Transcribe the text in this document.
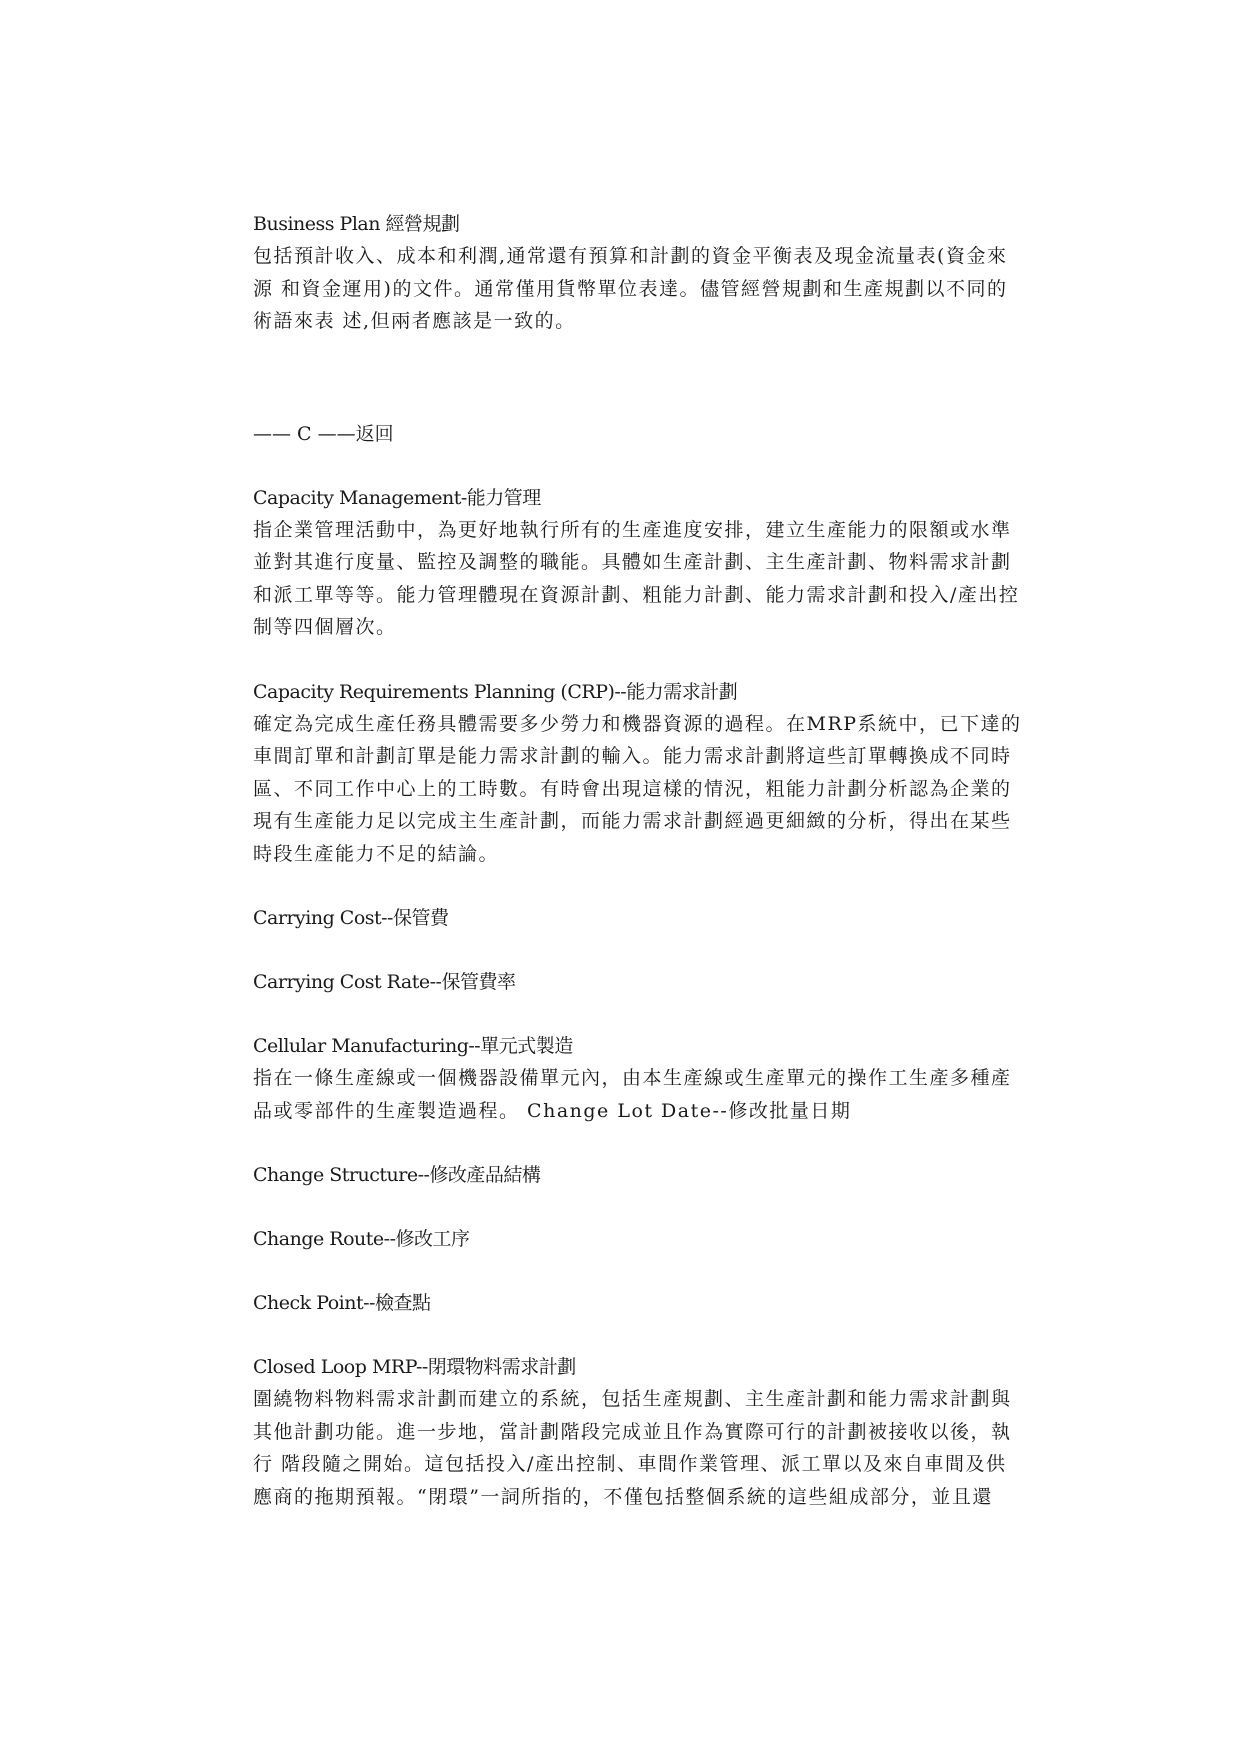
Business Plan 經營規劃
包括預計收入、成本和利潤,通常還有預算和計劃的資金平衡表及現金流量表(資金來
源 和資金運用)的文件。通常僅用貨幣單位表達。儘管經營規劃和生產規劃以不同的
術語來表 述,但兩者應該是一致的。
—— C ——返回
Capacity Management-能力管理
指企業管理活動中，為更好地執行所有的生產進度安排，建立生產能力的限額或水準
並對其進行度量、監控及調整的職能。具體如生產計劃、主生產計劃、物料需求計劃
和派工單等等。能力管理體現在資源計劃、粗能力計劃、能力需求計劃和投入/產出控
制等四個層次。
Capacity Requirements Planning (CRP)--能力需求計劃
確定為完成生產任務具體需要多少勞力和機器資源的過程。在MRP系統中，已下達的
車間訂單和計劃訂單是能力需求計劃的輸入。能力需求計劃將這些訂單轉換成不同時
區、不同工作中心上的工時數。有時會出現這樣的情況，粗能力計劃分析認為企業的
現有生產能力足以完成主生產計劃，而能力需求計劃經過更細緻的分析，得出在某些
時段生產能力不足的結論。
Carrying Cost--保管費
Carrying Cost Rate--保管費率
Cellular Manufacturing--單元式製造
指在一條生產線或一個機器設備單元內，由本生產線或生產單元的操作工生產多種產
品或零部件的生產製造過程。 Change Lot Date--修改批量日期
Change Structure--修改產品結構
Change Route--修改工序
Check Point--檢查點
Closed Loop MRP--閉環物料需求計劃
圍繞物料物料需求計劃而建立的系統，包括生產規劃、主生產計劃和能力需求計劃與
其他計劃功能。進一步地，當計劃階段完成並且作為實際可行的計劃被接收以後，執
行 階段隨之開始。這包括投入/產出控制、車間作業管理、派工單以及來自車間及供
應商的拖期預報。“閉環”一詞所指的，不僅包括整個系統的這些組成部分，並且還
